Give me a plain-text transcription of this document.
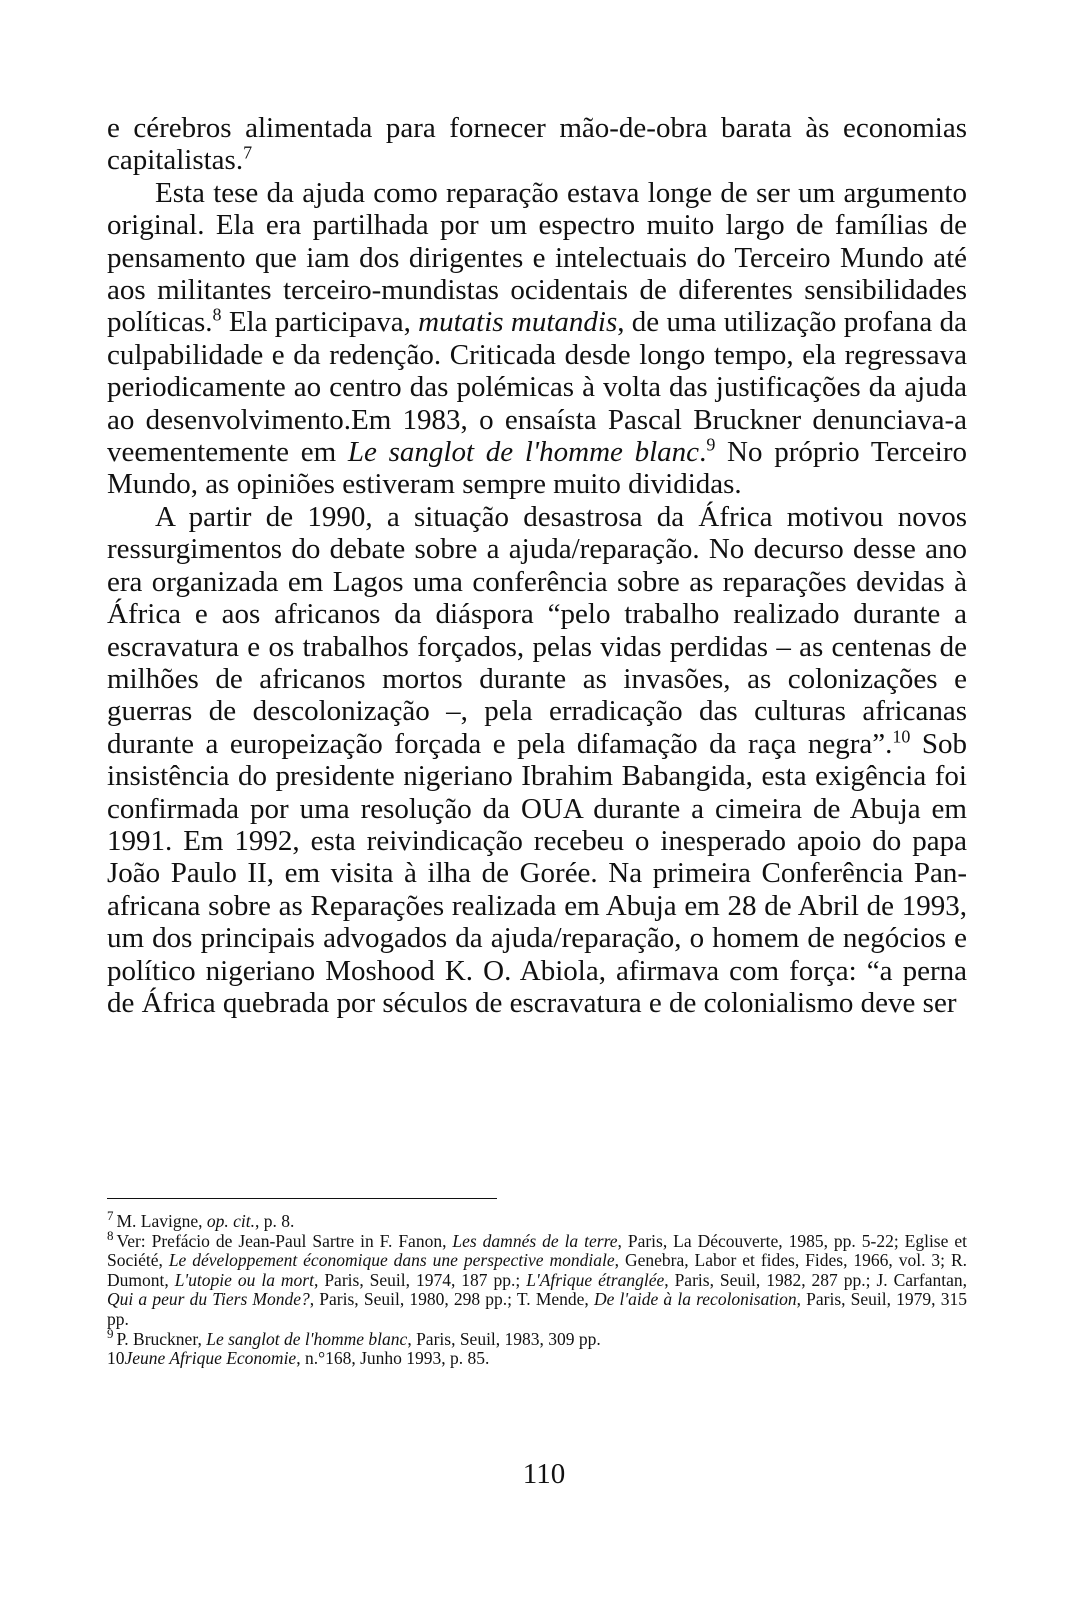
e cérebros alimentada para fornecer mão-de-obra barata às economias capitalistas.$^7$

Esta tese da ajuda como reparação estava longe de ser um argumento original. Ela era partilhada por um espectro muito largo de famílias de pensamento que iam dos dirigentes e intelectuais do Terceiro Mundo até aos militantes terceiro-mundistas ocidentais de diferentes sensibilidades políticas.$^8$ Ela participava, mutatis mutandis, de uma utilização profana da culpabilidade e da redenção. Criticada desde longo tempo, ela regressava periodicamente ao centro das polémicas à volta das justificações da ajuda ao desenvolvimento.Em 1983, o ensaísta Pascal Bruckner denunciava-a veementemente em Le sanglot de l'homme blanc.$^9$ No próprio Terceiro Mundo, as opiniões estiveram sempre muito divididas.

A partir de 1990, a situação desastrosa da África motivou novos ressurgimentos do debate sobre a ajuda/reparação. No decurso desse ano era organizada em Lagos uma conferência sobre as reparações devidas à África e aos africanos da diáspora “pelo trabalho realizado durante a escravatura e os trabalhos forçados, pelas vidas perdidas – as centenas de milhões de africanos mortos durante as invasões, as colonizações e guerras de descolonização –, pela erradicação das culturas africanas durante a europeização forçada e pela difamação da raça negra”.$^{10}$ Sob insistência do presidente nigeriano Ibrahim Babangida, esta exigência foi confirmada por uma resolução da OUA durante a cimeira de Abuja em 1991. Em 1992, esta reivindicação recebeu o inesperado apoio do papa João Paulo II, em visita à ilha de Gorée. Na primeira Conferência Pan-africana sobre as Reparações realizada em Abuja em 28 de Abril de 1993, um dos principais advogados da ajuda/reparação, o homem de negócios e político nigeriano Moshood K. O. Abiola, afirmava com força: “a perna de África quebrada por séculos de escravatura e de colonialismo deve ser

$^7$ M. Lavigne, op. cit., p. 8.

$^8$ Ver: Prefácio de Jean-Paul Sartre in F. Fanon, Les damnés de la terre, Paris, La Découverte, 1985, pp. 5-22; Eglise et Société, Le développement économique dans une perspective mondiale, Genebra, Labor et fides, Fides, 1966, vol. 3; R. Dumont, L'utopie ou la mort, Paris, Seuil, 1974, 187 pp.; L'Afrique étranglée, Paris, Seuil, 1982, 287 pp.; J. Carfantan, Qui a peur du Tiers Monde?, Paris, Seuil, 1980, 298 pp.; T. Mende, De l'aide à la recolonisation, Paris, Seuil, 1979, 315 pp.

$^9$ P. Bruckner, Le sanglot de l'homme blanc, Paris, Seuil, 1983, 309 pp.

10Jeune Afrique Economie, n.°168, Junho 1993, p. 85.

110
